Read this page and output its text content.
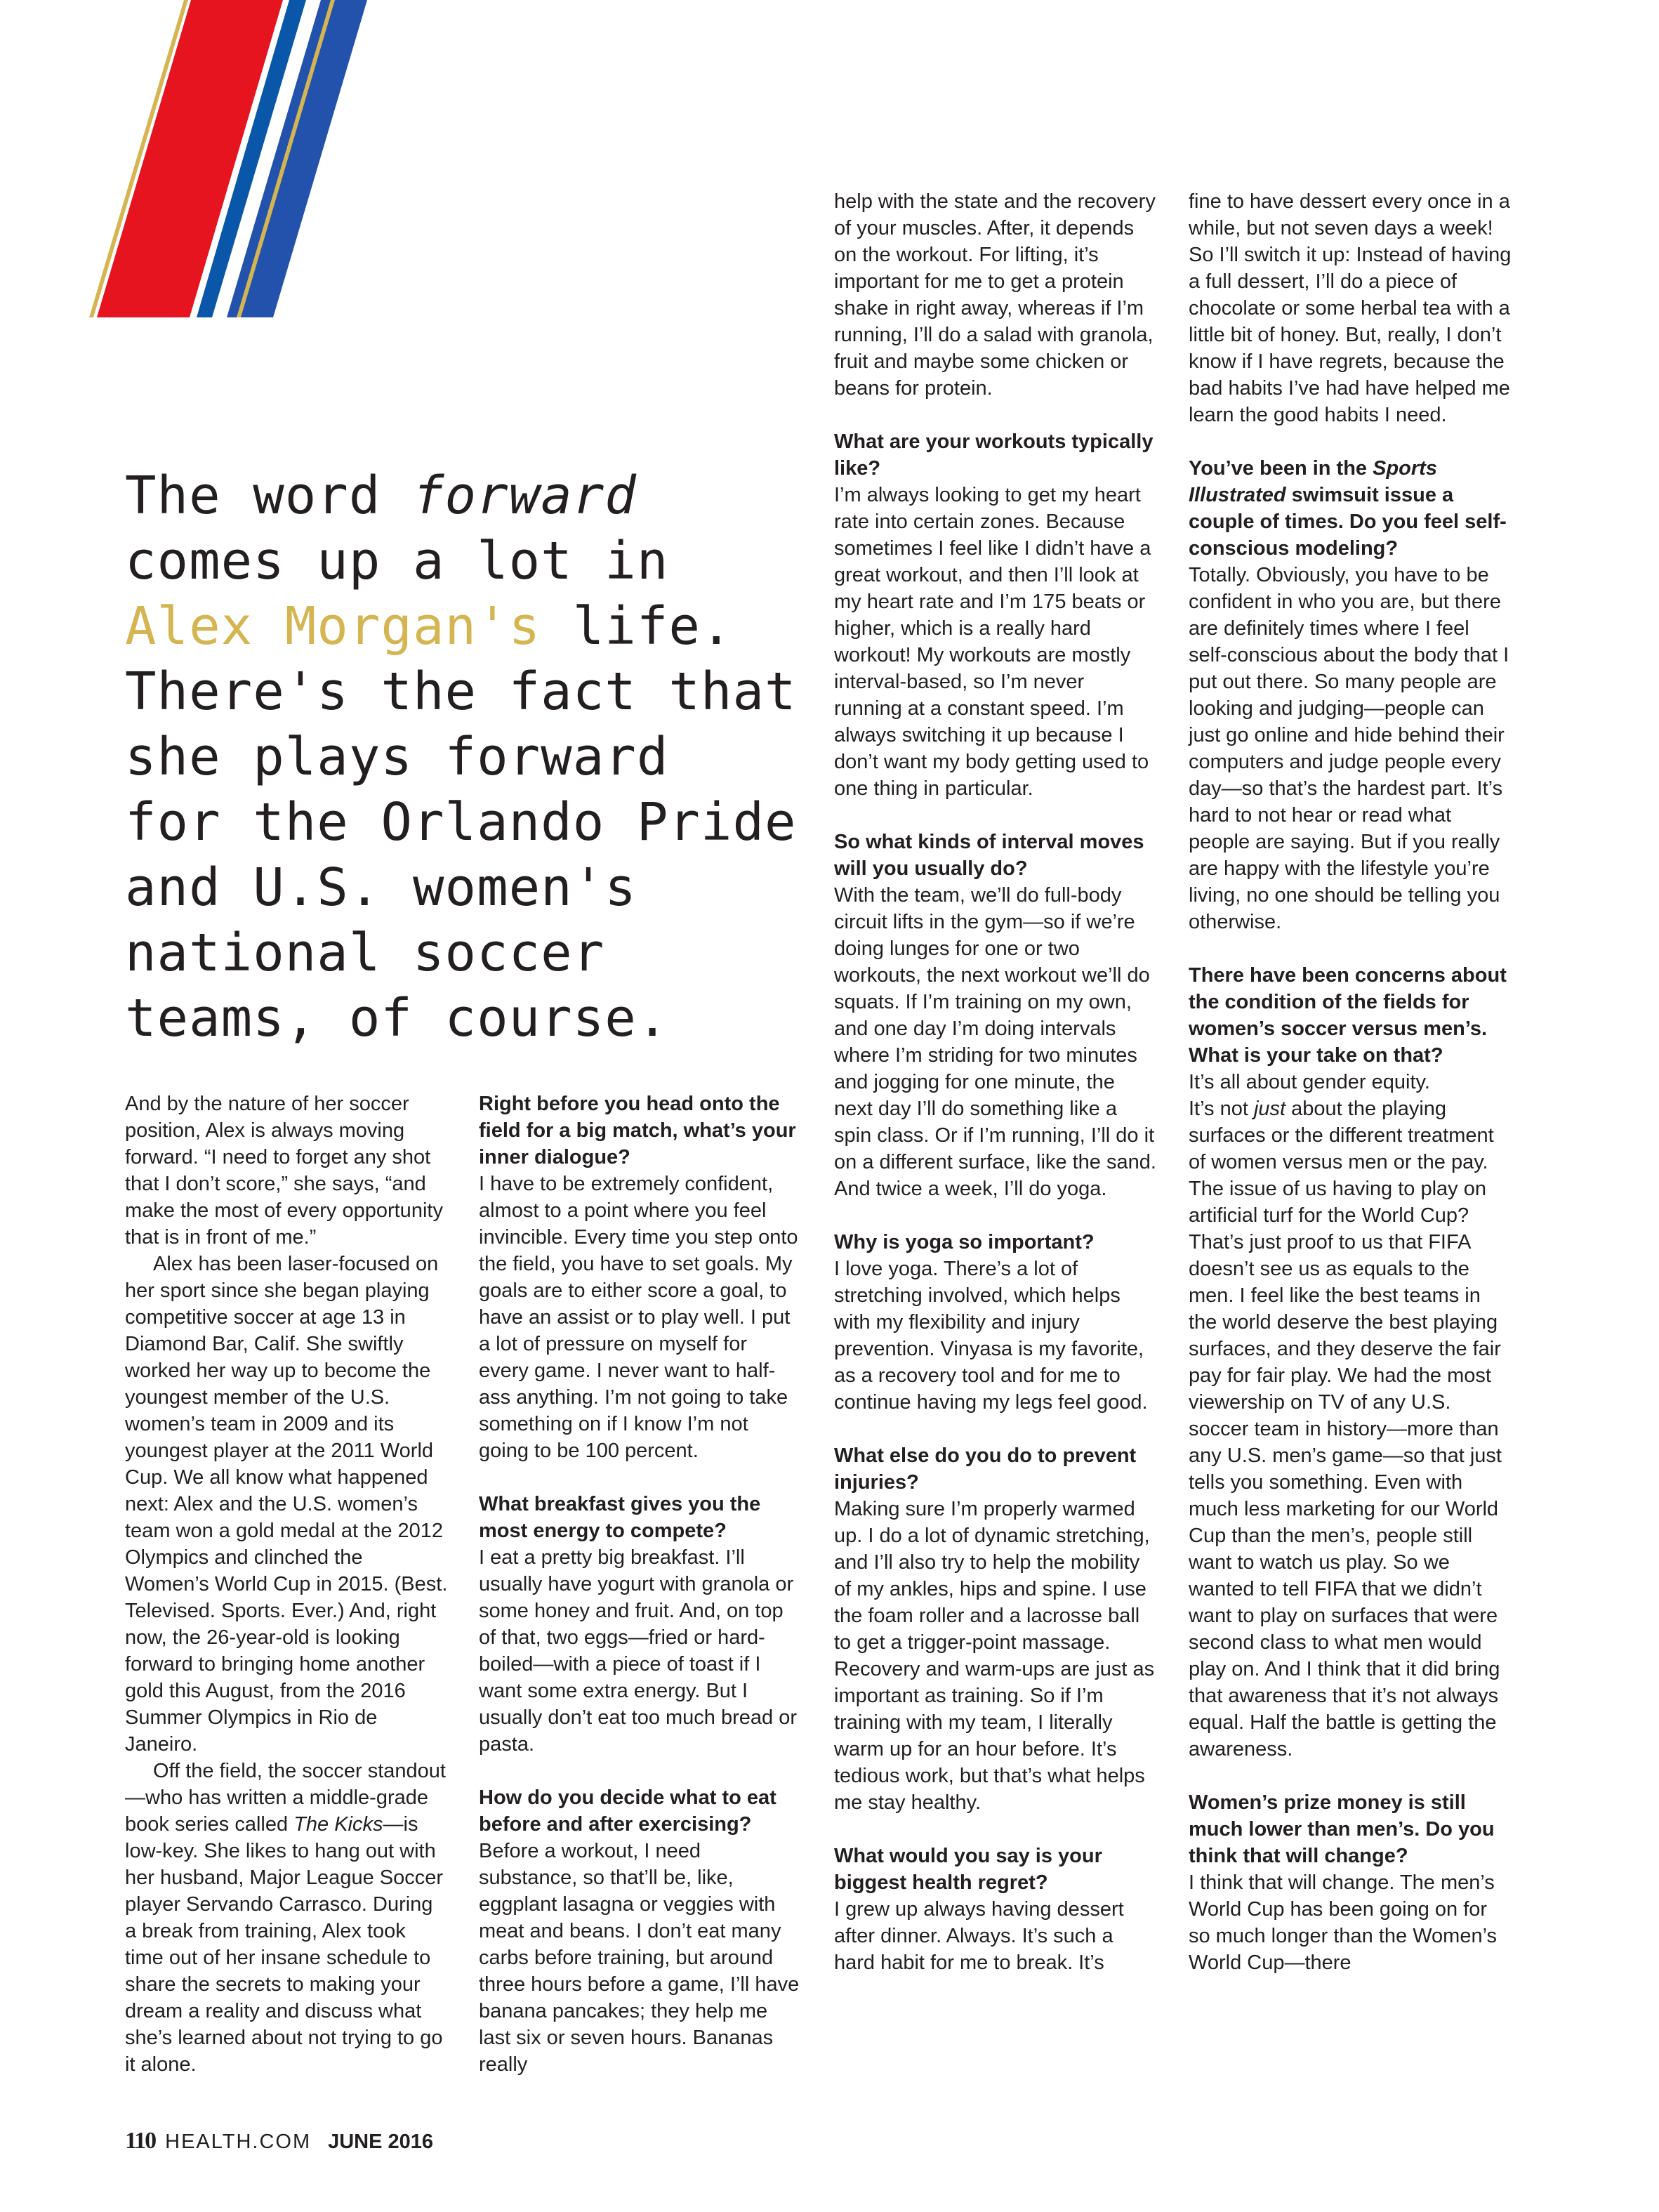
The word forward
comes up a lot in
Alex Morgan's life.
There's the fact that
she plays forward
for the Orlando Pride
and U.S. women's
national soccer
teams, of course.

And by the nature of her soccer position, Alex is always moving forward. “I need to forget any shot that I don’t score,” she says, “and make the most of every opportunity that is in front of me.”

Alex has been laser-focused on her sport since she began playing competitive soccer at age 13 in Diamond Bar, Calif. She swiftly worked her way up to become the youngest member of the U.S. women’s team in 2009 and its youngest player at the 2011 World Cup. We all know what happened next: Alex and the U.S. women’s team won a gold medal at the 2012 Olympics and clinched the Women’s World Cup in 2015. (Best. Televised. Sports. Ever.) And, right now, the 26-year-old is looking forward to bringing home another gold this August, from the 2016 Summer Olympics in Rio de Janeiro.

Off the field, the soccer standout—who has written a middle-grade book series called The Kicks—is low-key. She likes to hang out with her husband, Major League Soccer player Servando Carrasco. During a break from training, Alex took time out of her insane schedule to share the secrets to making your dream a reality and discuss what she’s learned about not trying to go it alone.

Right before you head onto the field for a big match, what’s your inner dialogue?

I have to be extremely confident, almost to a point where you feel invincible. Every time you step onto the field, you have to set goals. My goals are to either score a goal, to have an assist or to play well. I put a lot of pressure on myself for every game. I never want to half-ass anything. I’m not going to take something on if I know I’m not going to be 100 percent.

What breakfast gives you the most energy to compete?

I eat a pretty big breakfast. I’ll usually have yogurt with granola or some honey and fruit. And, on top of that, two eggs—fried or hard-boiled—with a piece of toast if I want some extra energy. But I usually don’t eat too much bread or pasta.

How do you decide what to eat before and after exercising?

Before a workout, I need substance, so that’ll be, like, eggplant lasagna or veggies with meat and beans. I don’t eat many carbs before training, but around three hours before a game, I’ll have banana pancakes; they help me last six or seven hours. Bananas really

help with the state and the recovery of your muscles. After, it depends on the workout. For lifting, it’s important for me to get a protein shake in right away, whereas if I’m running, I’ll do a salad with granola, fruit and maybe some chicken or beans for protein.

What are your workouts typically like?

I’m always looking to get my heart rate into certain zones. Because sometimes I feel like I didn’t have a great workout, and then I’ll look at my heart rate and I’m 175 beats or higher, which is a really hard workout! My workouts are mostly interval-based, so I’m never running at a constant speed. I’m always switching it up because I don’t want my body getting used to one thing in particular.

So what kinds of interval moves will you usually do?

With the team, we’ll do full-body circuit lifts in the gym—so if we’re doing lunges for one or two workouts, the next workout we’ll do squats. If I’m training on my own, and one day I’m doing intervals where I’m striding for two minutes and jogging for one minute, the next day I’ll do something like a spin class. Or if I’m running, I’ll do it on a different surface, like the sand. And twice a week, I’ll do yoga.

Why is yoga so important?

I love yoga. There’s a lot of stretching involved, which helps with my flexibility and injury prevention. Vinyasa is my favorite, as a recovery tool and for me to continue having my legs feel good.

What else do you do to prevent injuries?

Making sure I’m properly warmed up. I do a lot of dynamic stretching, and I’ll also try to help the mobility of my ankles, hips and spine. I use the foam roller and a lacrosse ball to get a trigger-point massage. Recovery and warm-ups are just as important as training. So if I’m training with my team, I literally warm up for an hour before. It’s tedious work, but that’s what helps me stay healthy.

What would you say is your biggest health regret?

I grew up always having dessert after dinner. Always. It’s such a hard habit for me to break. It’s

fine to have dessert every once in a while, but not seven days a week! So I’ll switch it up: Instead of having a full dessert, I’ll do a piece of chocolate or some herbal tea with a little bit of honey. But, really, I don’t know if I have regrets, because the bad habits I’ve had have helped me learn the good habits I need.

You’ve been in the Sports Illustrated swimsuit issue a couple of times. Do you feel self-conscious modeling?

Totally. Obviously, you have to be confident in who you are, but there are definitely times where I feel self-conscious about the body that I put out there. So many people are looking and judging—people can just go online and hide behind their computers and judge people every day—so that’s the hardest part. It’s hard to not hear or read what people are saying. But if you really are happy with the lifestyle you’re living, no one should be telling you otherwise.

There have been concerns about the condition of the fields for women’s soccer versus men’s. What is your take on that?

It’s all about gender equity.

It’s not just about the playing surfaces or the different treatment of women versus men or the pay. The issue of us having to play on artificial turf for the World Cup? That’s just proof to us that FIFA doesn’t see us as equals to the men. I feel like the best teams in the world deserve the best playing surfaces, and they deserve the fair pay for fair play. We had the most viewership on TV of any U.S. soccer team in history—more than any U.S. men’s game—so that just tells you something. Even with much less marketing for our World Cup than the men’s, people still want to watch us play. So we wanted to tell FIFA that we didn’t want to play on surfaces that were second class to what men would play on. And I think that it did bring that awareness that it’s not always equal. Half the battle is getting the awareness.

Women’s prize money is still much lower than men’s. Do you think that will change?

I think that will change. The men’s World Cup has been going on for so much longer than the Women’s World Cup—there

110 HEALTH.COM JUNE 2016
